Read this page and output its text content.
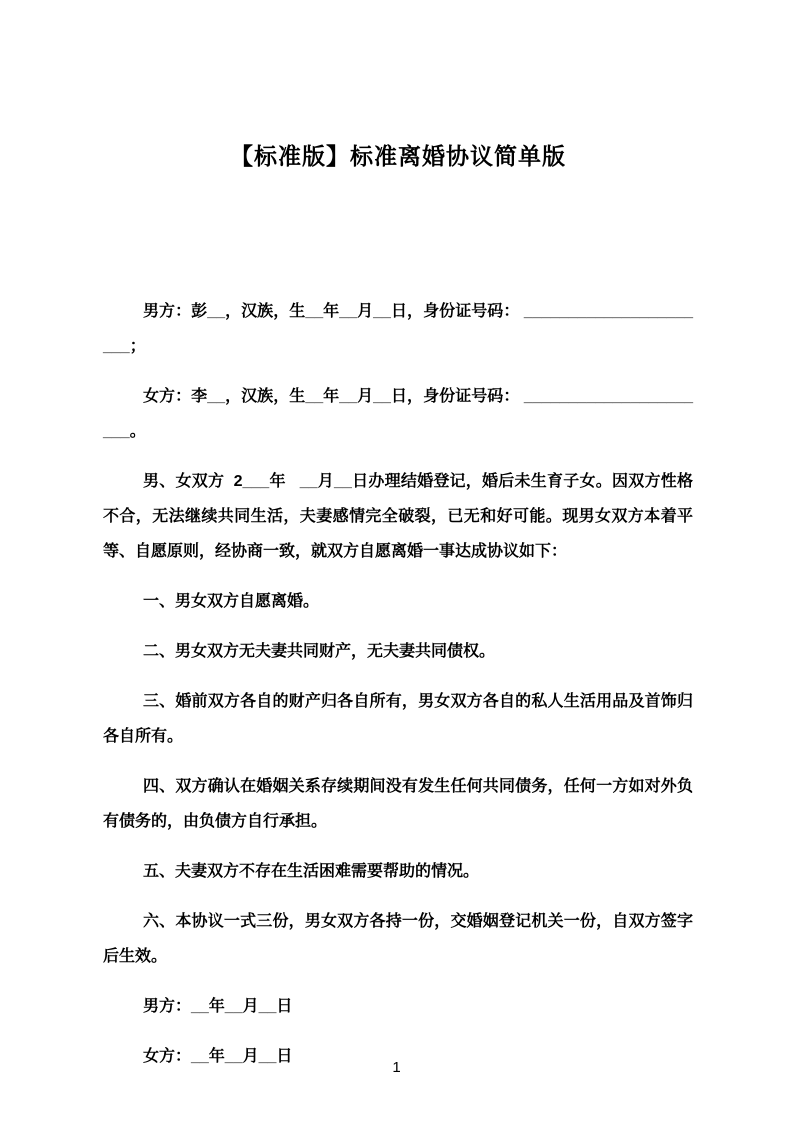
【标准版】标准离婚协议简单版

男方：彭__，汉族，生__年__月__日，身份证号码： ______________________；

女方：李__，汉族，生__年__月__日，身份证号码： ______________________。

男、女双方  2___年   __月__日办理结婚登记，婚后未生育子女。因双方性格不合，无法继续共同生活，夫妻感情完全破裂，已无和好可能。现男女双方本着平等、自愿原则，经协商一致，就双方自愿离婚一事达成协议如下：

一、男女双方自愿离婚。

二、男女双方无夫妻共同财产，无夫妻共同债权。

三、婚前双方各自的财产归各自所有，男女双方各自的私人生活用品及首饰归各自所有。

四、双方确认在婚姻关系存续期间没有发生任何共同债务，任何一方如对外负有债务的，由负债方自行承担。

五、夫妻双方不存在生活困难需要帮助的情况。

六、本协议一式三份，男女双方各持一份，交婚姻登记机关一份，自双方签字后生效。

男方：__年__月__日

女方：__年__月__日

1
